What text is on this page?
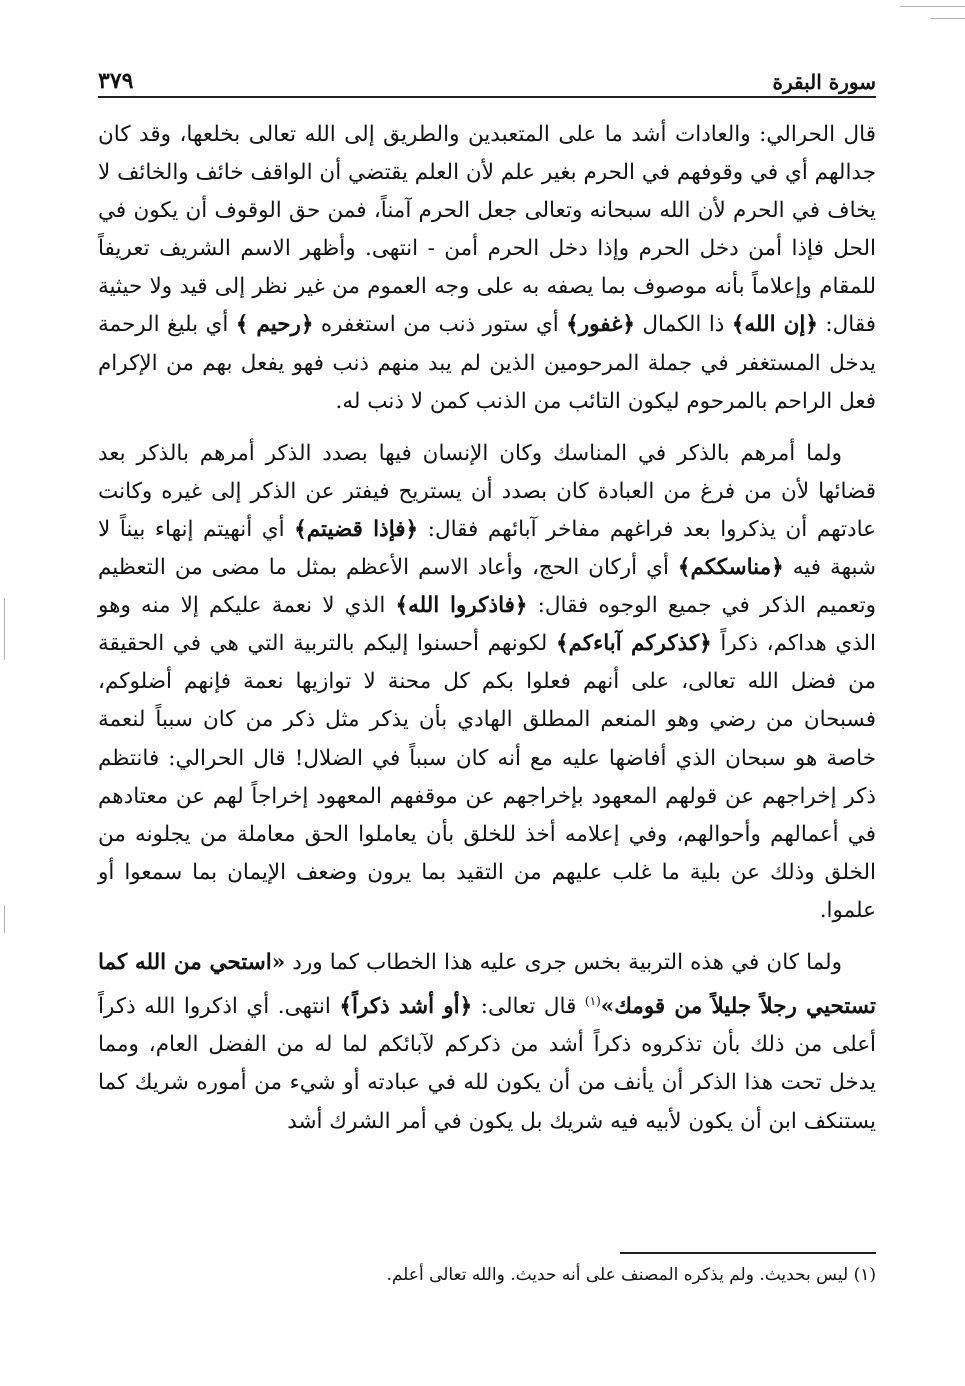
سورة البقرة
٣٧٩

قال الحرالي: والعادات أشد ما على المتعبدين والطريق إلى الله تعالى بخلعها، وقد كان جدالهم أي في وقوفهم في الحرم بغير علم لأن العلم يقتضي أن الواقف خائف والخائف لا يخاف في الحرم لأن الله سبحانه وتعالى جعل الحرم آمناً، فمن حق الوقوف أن يكون في الحل فإذا أمن دخل الحرم وإذا دخل الحرم أمن - انتهى. وأظهر الاسم الشريف تعريفاً للمقام وإعلاماً بأنه موصوف بما يصفه به على وجه العموم من غير نظر إلى قيد ولا حيثية فقال: ﴿إن الله﴾ ذا الكمال ﴿غفور﴾ أي ستور ذنب من استغفره ﴿رحيم ﴾ أي بليغ الرحمة يدخل المستغفر في جملة المرحومين الذين لم يبد منهم ذنب فهو يفعل بهم من الإكرام فعل الراحم بالمرحوم ليكون التائب من الذنب كمن لا ذنب له.

ولما أمرهم بالذكر في المناسك وكان الإنسان فيها بصدد الذكر أمرهم بالذكر بعد قضائها لأن من فرغ من العبادة كان بصدد أن يستريح فيفتر عن الذكر إلى غيره وكانت عادتهم أن يذكروا بعد فراغهم مفاخر آبائهم فقال: ﴿فإذا قضيتم﴾ أي أنهيتم إنهاء بيناً لا شبهة فيه ﴿مناسككم﴾ أي أركان الحج، وأعاد الاسم الأعظم بمثل ما مضى من التعظيم وتعميم الذكر في جميع الوجوه فقال: ﴿فاذكروا الله﴾ الذي لا نعمة عليكم إلا منه وهو الذي هداكم، ذكراً ﴿كذكركم آباءكم﴾ لكونهم أحسنوا إليكم بالتربية التي هي في الحقيقة من فضل الله تعالى، على أنهم فعلوا بكم كل محنة لا توازيها نعمة فإنهم أضلوكم، فسبحان من رضي وهو المنعم المطلق الهادي بأن يذكر مثل ذكر من كان سبباً لنعمة خاصة هو سبحان الذي أفاضها عليه مع أنه كان سبباً في الضلال! قال الحرالي: فانتظم ذكر إخراجهم عن قولهم المعهود بإخراجهم عن موقفهم المعهود إخراجاً لهم عن معتادهم في أعمالهم وأحوالهم، وفي إعلامه أخذ للخلق بأن يعاملوا الحق معاملة من يجلونه من الخلق وذلك عن بلية ما غلب عليهم من التقيد بما يرون وضعف الإيمان بما سمعوا أو علموا.

ولما كان في هذه التربية بخس جرى عليه هذا الخطاب كما ورد «استحي من الله كما تستحيي رجلاً جليلاً من قومك»$^{(١)}$ قال تعالى: ﴿أو أشد ذكراً﴾ انتهى. أي اذكروا الله ذكراً أعلى من ذلك بأن تذكروه ذكراً أشد من ذكركم لآبائكم لما له من الفضل العام، ومما يدخل تحت هذا الذكر أن يأنف من أن يكون لله في عبادته أو شيء من أموره شريك كما يستنكف ابن أن يكون لأبيه فيه شريك بل يكون في أمر الشرك أشد

(١) ليس بحديث. ولم يذكره المصنف على أنه حديث. والله تعالى أعلم.
